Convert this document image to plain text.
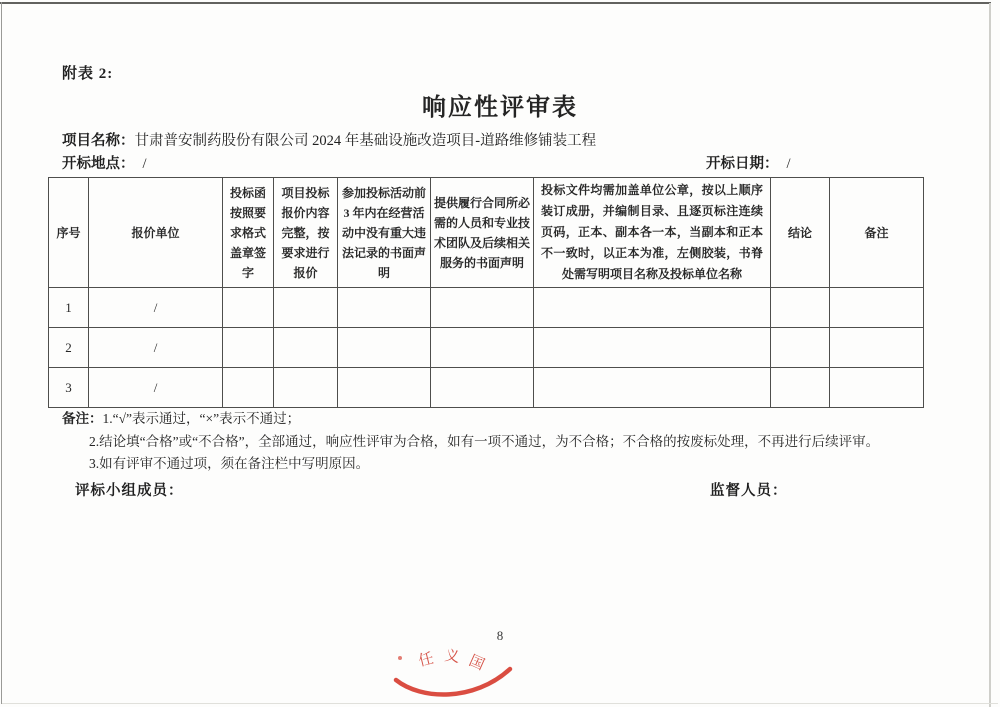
附表 2:
响应性评审表
项目名称：甘肃普安制药股份有限公司 2024 年基础设施改造项目-道路维修铺装工程
开标地点： /	开标日期： /
序号	报价单位	投标函按照要求格式盖章签字	项目投标报价内容完整，按要求进行报价	参加投标活动前 3 年内在经营活动中没有重大违法记录的书面声明	提供履行合同所必需的人员和专业技术团队及后续相关服务的书面声明	投标文件均需加盖单位公章，按以上顺序装订成册，并编制目录、且逐页标注连续页码，正本、副本各一本，当副本和正本不一致时，以正本为准，左侧胶装，书脊处需写明项目名称及投标单位名称	结论	备注
1	/							
2	/							
3	/							
备注：1.“√”表示通过，“×”表示不通过；
2.结论填“合格”或“不合格”，全部通过，响应性评审为合格，如有一项不通过，为不合格；不合格的按废标处理，不再进行后续评审。
3.如有评审不通过项，须在备注栏中写明原因。
评标小组成员：	监督人员：
8
任 义 国
